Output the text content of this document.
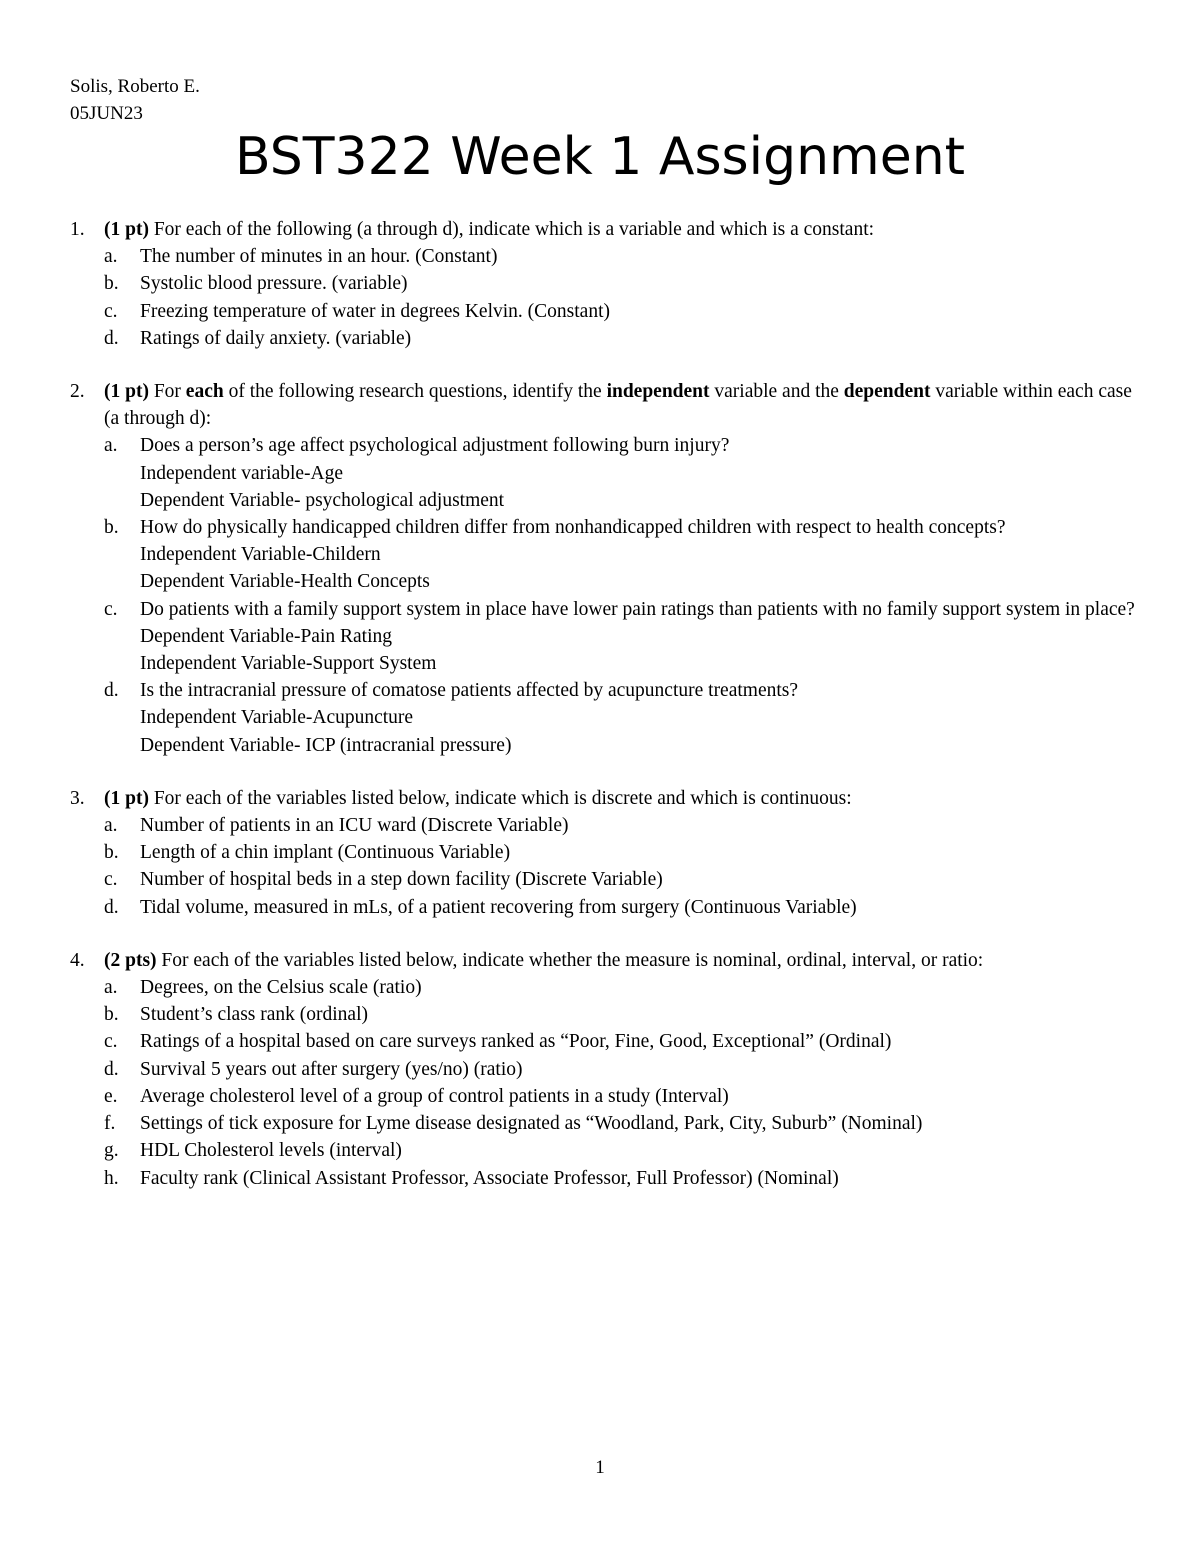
Solis, Roberto E.
05JUN23
BST322 Week 1 Assignment
1. (1 pt) For each of the following (a through d), indicate which is a variable and which is a constant:
a. The number of minutes in an hour. (Constant)
b. Systolic blood pressure. (variable)
c. Freezing temperature of water in degrees Kelvin. (Constant)
d. Ratings of daily anxiety. (variable)
2. (1 pt) For each of the following research questions, identify the independent variable and the dependent variable within each case (a through d):
a. Does a person’s age affect psychological adjustment following burn injury?
Independent variable-Age
Dependent Variable- psychological adjustment
b. How do physically handicapped children differ from nonhandicapped children with respect to health concepts?
Independent Variable-Childern
Dependent Variable-Health Concepts
c. Do patients with a family support system in place have lower pain ratings than patients with no family support system in place?
Dependent Variable-Pain Rating
Independent Variable-Support System
d. Is the intracranial pressure of comatose patients affected by acupuncture treatments?
Independent Variable-Acupuncture
Dependent Variable- ICP (intracranial pressure)
3. (1 pt) For each of the variables listed below, indicate which is discrete and which is continuous:
a. Number of patients in an ICU ward (Discrete Variable)
b. Length of a chin implant (Continuous Variable)
c. Number of hospital beds in a step down facility (Discrete Variable)
d. Tidal volume, measured in mLs, of a patient recovering from surgery (Continuous Variable)
4. (2 pts) For each of the variables listed below, indicate whether the measure is nominal, ordinal, interval, or ratio:
a. Degrees, on the Celsius scale (ratio)
b. Student’s class rank (ordinal)
c. Ratings of a hospital based on care surveys ranked as “Poor, Fine, Good, Exceptional” (Ordinal)
d. Survival 5 years out after surgery (yes/no) (ratio)
e. Average cholesterol level of a group of control patients in a study (Interval)
f. Settings of tick exposure for Lyme disease designated as “Woodland, Park, City, Suburb” (Nominal)
g. HDL Cholesterol levels (interval)
h. Faculty rank (Clinical Assistant Professor, Associate Professor, Full Professor) (Nominal)
1
